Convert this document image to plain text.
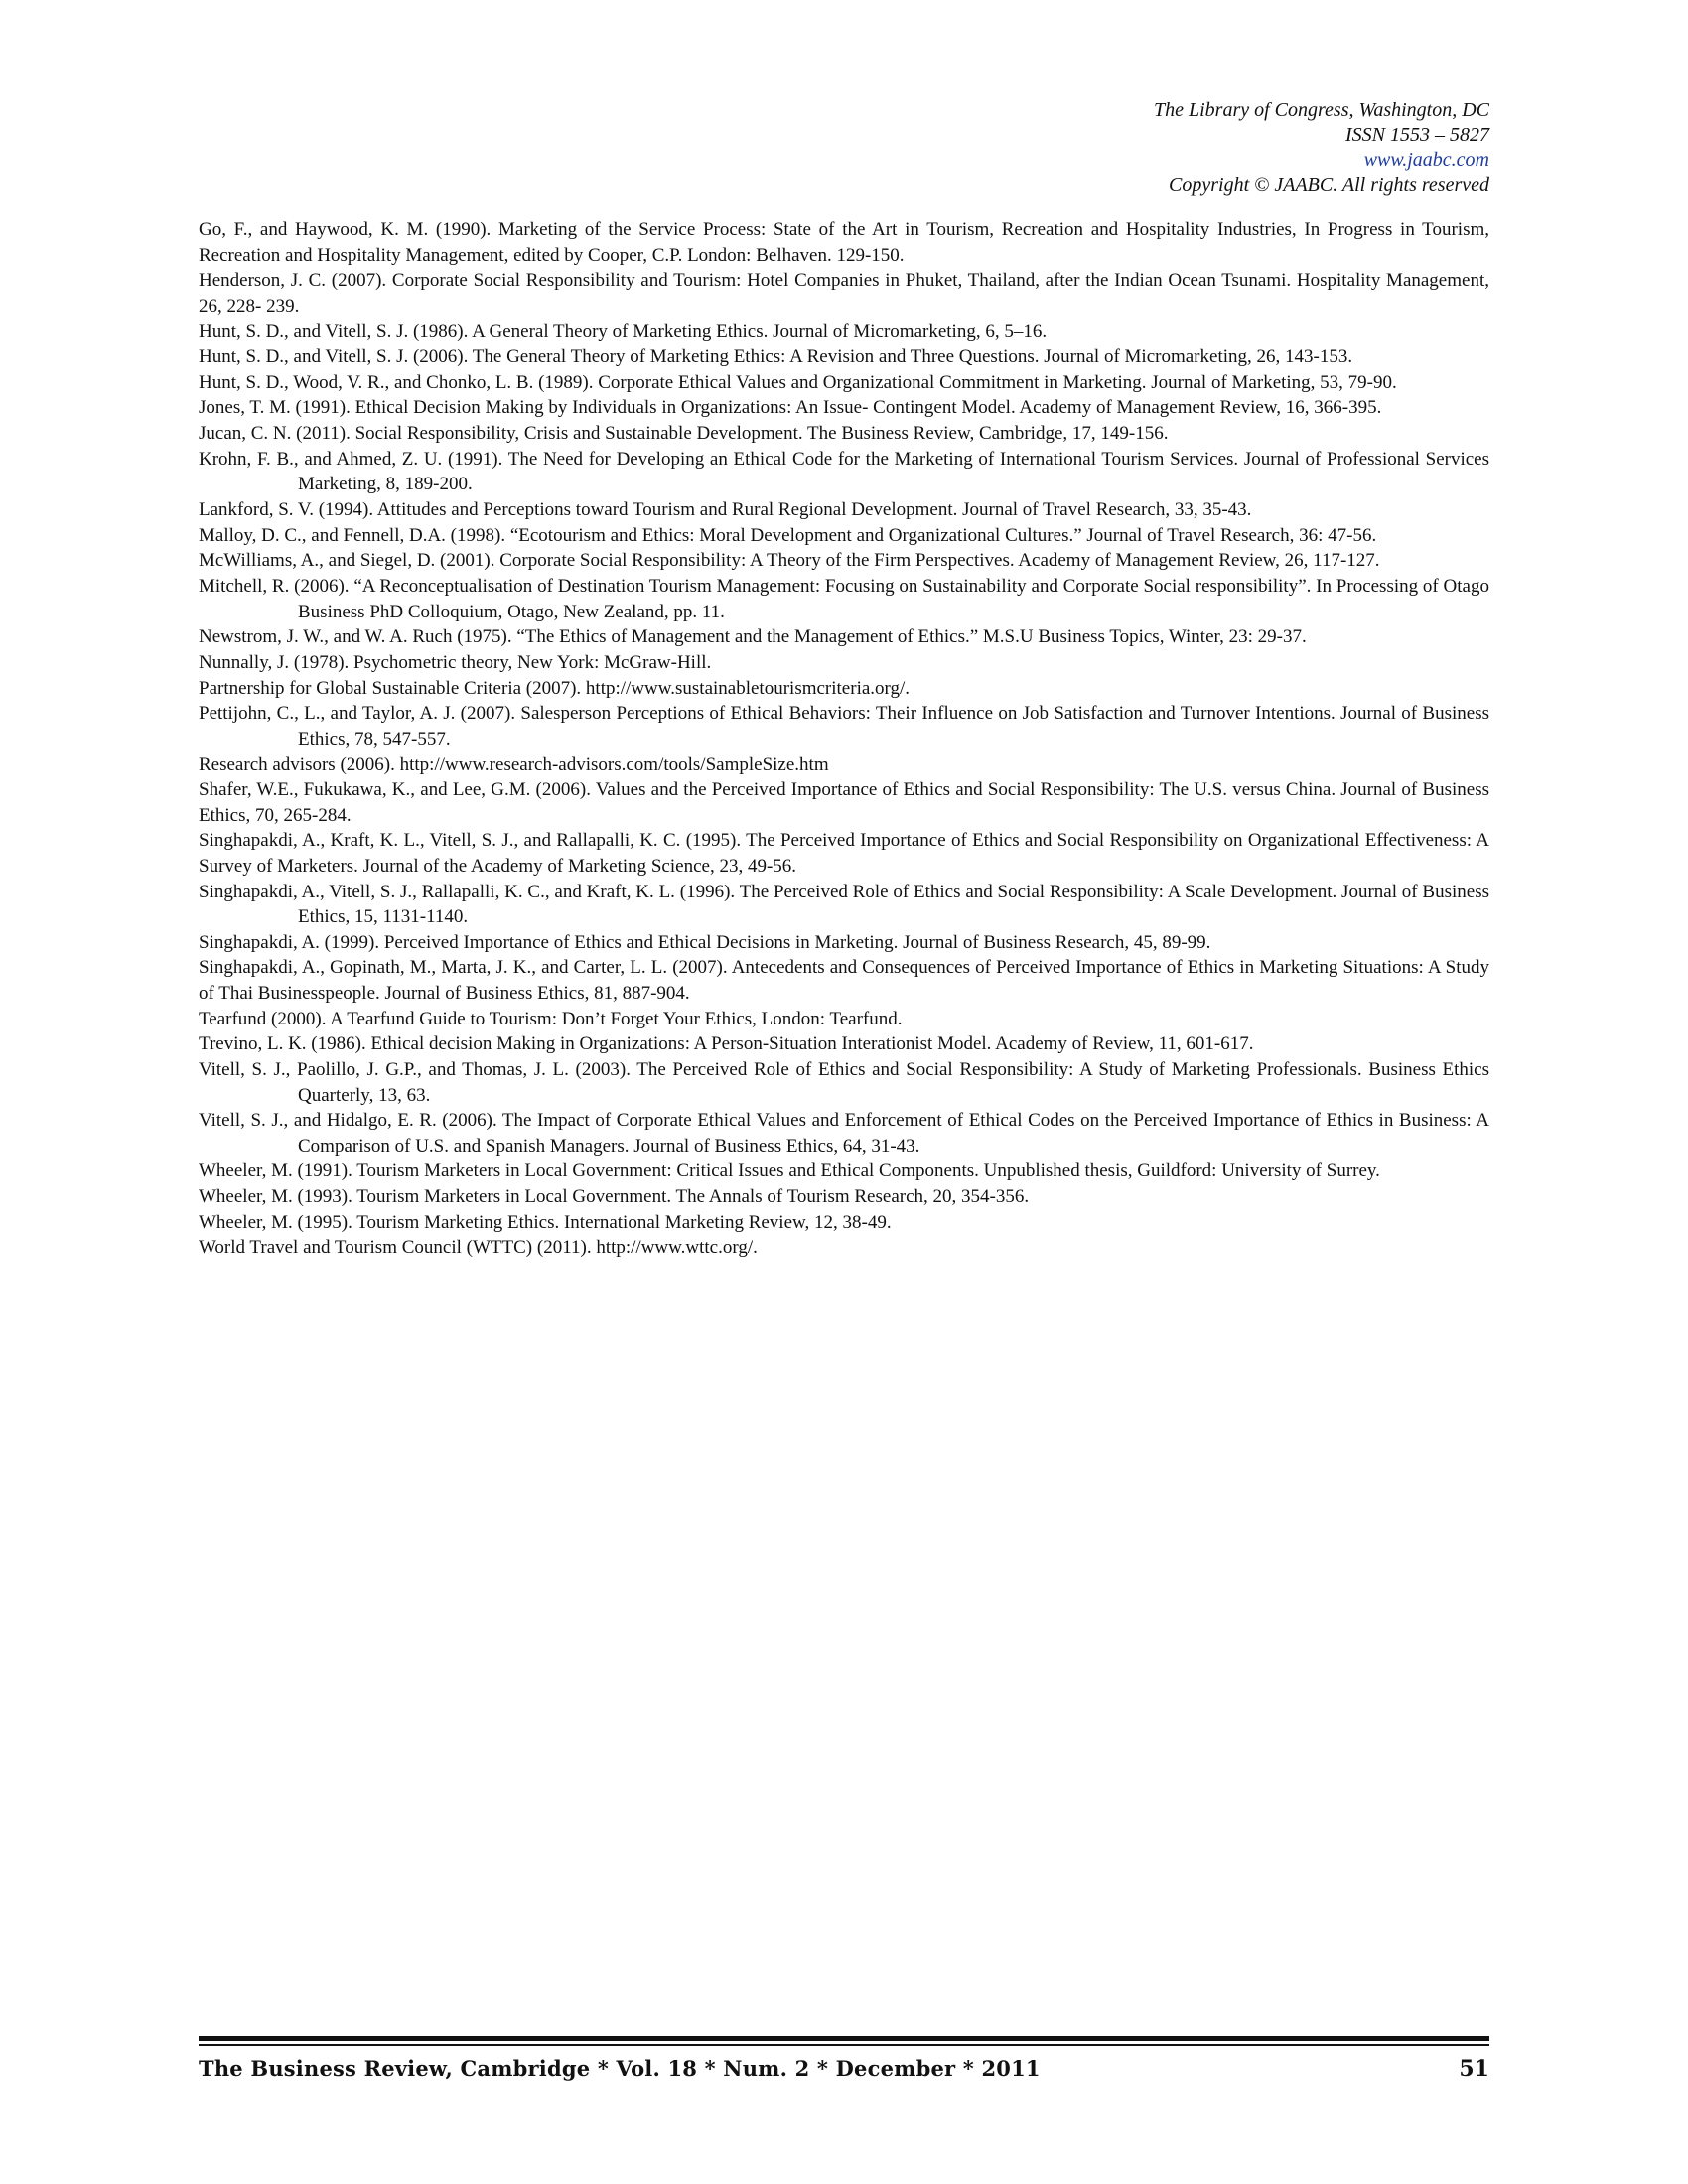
The Library of Congress, Washington, DC
ISSN 1553 – 5827
www.jaabc.com
Copyright © JAABC. All rights reserved
Go, F., and Haywood, K. M. (1990). Marketing of the Service Process: State of the Art in Tourism, Recreation and Hospitality Industries, In Progress in Tourism, Recreation and Hospitality Management, edited by Cooper, C.P. London: Belhaven. 129-150.
Henderson, J. C. (2007). Corporate Social Responsibility and Tourism: Hotel Companies in Phuket, Thailand, after the Indian Ocean Tsunami. Hospitality Management, 26, 228- 239.
Hunt, S. D., and Vitell, S. J. (1986). A General Theory of Marketing Ethics. Journal of Micromarketing, 6, 5–16.
Hunt, S. D., and Vitell, S. J. (2006). The General Theory of Marketing Ethics: A Revision and Three Questions. Journal of Micromarketing, 26, 143-153.
Hunt, S. D., Wood, V. R., and Chonko, L. B. (1989). Corporate Ethical Values and Organizational Commitment in Marketing. Journal of Marketing, 53, 79-90.
Jones, T. M. (1991). Ethical Decision Making by Individuals in Organizations: An Issue- Contingent Model. Academy of Management Review, 16, 366-395.
Jucan, C. N. (2011). Social Responsibility, Crisis and Sustainable Development. The Business Review, Cambridge, 17, 149-156.
Krohn, F. B., and Ahmed, Z. U. (1991). The Need for Developing an Ethical Code for the Marketing of International Tourism Services. Journal of Professional Services Marketing, 8, 189-200.
Lankford, S. V. (1994). Attitudes and Perceptions toward Tourism and Rural Regional Development. Journal of Travel Research, 33, 35-43.
Malloy, D. C., and Fennell, D.A. (1998). “Ecotourism and Ethics: Moral Development and Organizational Cultures.” Journal of Travel Research, 36: 47-56.
McWilliams, A., and Siegel, D. (2001). Corporate Social Responsibility: A Theory of the Firm Perspectives. Academy of Management Review, 26, 117-127.
Mitchell, R. (2006). “A Reconceptualisation of Destination Tourism Management: Focusing on Sustainability and Corporate Social responsibility”. In Processing of Otago Business PhD Colloquium, Otago, New Zealand, pp. 11.
Newstrom, J. W., and W. A. Ruch (1975). “The Ethics of Management and the Management of Ethics.” M.S.U Business Topics, Winter, 23: 29-37.
Nunnally, J. (1978). Psychometric theory, New York: McGraw-Hill.
Partnership for Global Sustainable Criteria (2007). http://www.sustainabletourismcriteria.org/.
Pettijohn, C., L., and Taylor, A. J. (2007). Salesperson Perceptions of Ethical Behaviors: Their Influence on Job Satisfaction and Turnover Intentions. Journal of Business Ethics, 78, 547-557.
Research advisors (2006). http://www.research-advisors.com/tools/SampleSize.htm
Shafer, W.E., Fukukawa, K., and Lee, G.M. (2006). Values and the Perceived Importance of Ethics and Social Responsibility: The U.S. versus China. Journal of Business Ethics, 70, 265-284.
Singhapakdi, A., Kraft, K. L., Vitell, S. J., and Rallapalli, K. C. (1995). The Perceived Importance of Ethics and Social Responsibility on Organizational Effectiveness: A Survey of Marketers. Journal of the Academy of Marketing Science, 23, 49-56.
Singhapakdi, A., Vitell, S. J., Rallapalli, K. C., and Kraft, K. L. (1996). The Perceived Role of Ethics and Social Responsibility: A Scale Development. Journal of Business Ethics, 15, 1131-1140.
Singhapakdi, A. (1999). Perceived Importance of Ethics and Ethical Decisions in Marketing. Journal of Business Research, 45, 89-99.
Singhapakdi, A., Gopinath, M., Marta, J. K., and Carter, L. L. (2007). Antecedents and Consequences of Perceived Importance of Ethics in Marketing Situations: A Study of Thai Businesspeople. Journal of Business Ethics, 81, 887-904.
Tearfund (2000). A Tearfund Guide to Tourism: Don’t Forget Your Ethics, London: Tearfund.
Trevino, L. K. (1986). Ethical decision Making in Organizations: A Person-Situation Interationist Model. Academy of Review, 11, 601-617.
Vitell, S. J., Paolillo, J. G.P., and Thomas, J. L. (2003). The Perceived Role of Ethics and Social Responsibility: A Study of Marketing Professionals. Business Ethics Quarterly, 13, 63.
Vitell, S. J., and Hidalgo, E. R. (2006). The Impact of Corporate Ethical Values and Enforcement of Ethical Codes on the Perceived Importance of Ethics in Business: A Comparison of U.S. and Spanish Managers. Journal of Business Ethics, 64, 31-43.
Wheeler, M. (1991). Tourism Marketers in Local Government: Critical Issues and Ethical Components. Unpublished thesis, Guildford: University of Surrey.
Wheeler, M. (1993). Tourism Marketers in Local Government. The Annals of Tourism Research, 20, 354-356.
Wheeler, M. (1995). Tourism Marketing Ethics. International Marketing Review, 12, 38-49.
World Travel and Tourism Council (WTTC) (2011). http://www.wttc.org/.
The Business Review, Cambridge * Vol. 18 * Num. 2 * December * 2011	51
